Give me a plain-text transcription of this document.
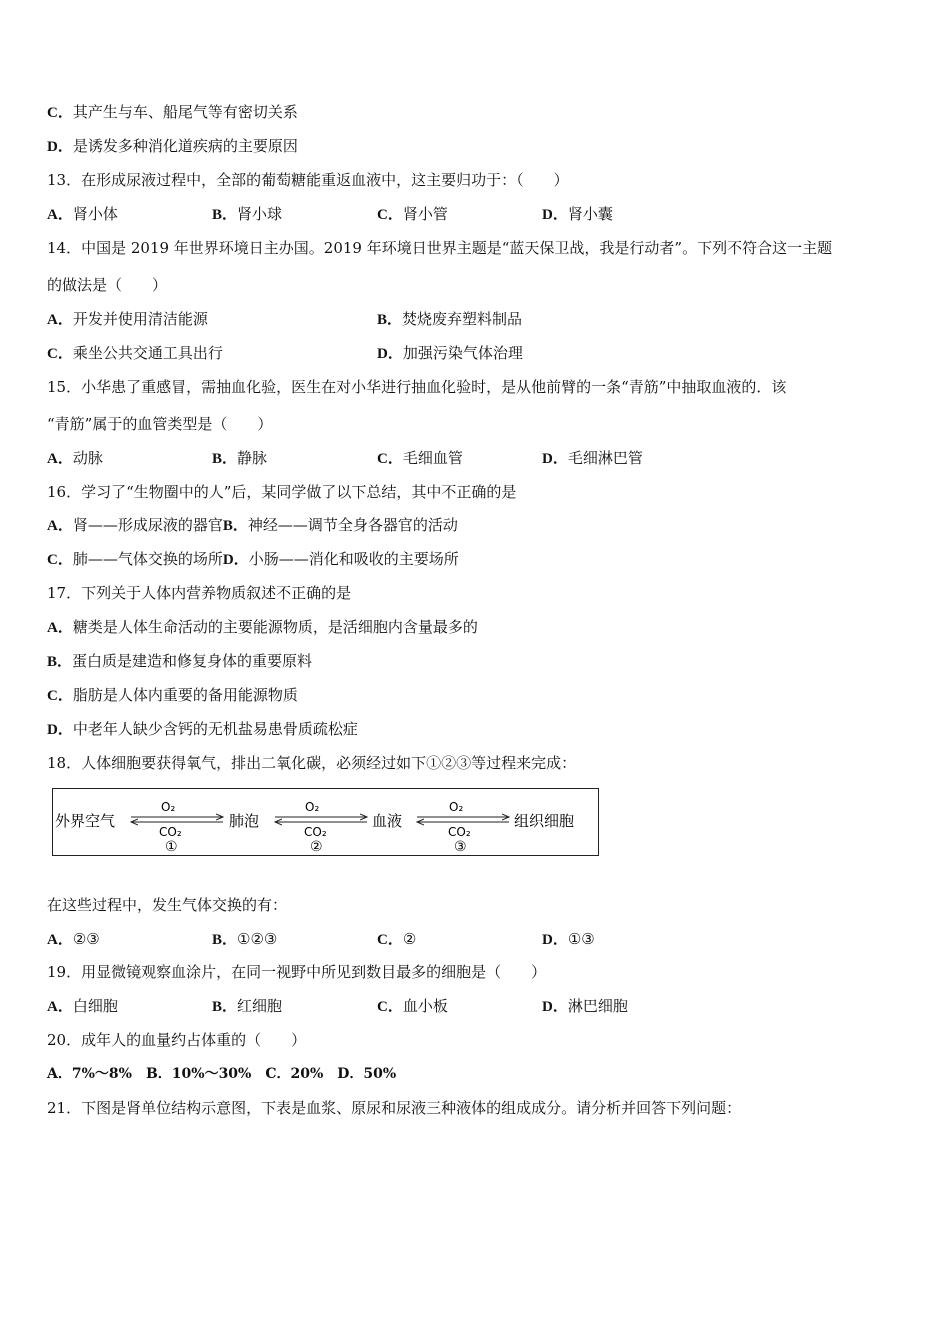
C．其产生与车、船尾气等有密切关系
D．是诱发多种消化道疾病的主要原因
13．在形成尿液过程中，全部的葡萄糖能重返血液中，这主要归功于：（　　）
A．肾小体	B．肾小球	C．肾小管	D．肾小囊
14．中国是 2019 年世界环境日主办国。2019 年环境日世界主题是“蓝天保卫战，我是行动者”。下列不符合这一主题
的做法是（　　）
A．开发并使用清洁能源	B．焚烧废弃塑料制品
C．乘坐公共交通工具出行	D．加强污染气体治理
15．小华患了重感冒，需抽血化验，医生在对小华进行抽血化验时，是从他前臂的一条“青筋”中抽取血液的．该
“青筋”属于的血管类型是（　　）
A．动脉	B．静脉	C．毛细血管	D．毛细淋巴管
16．学习了“生物圈中的人”后，某同学做了以下总结，其中不正确的是
A．肾——形成尿液的器官B．神经——调节全身各器官的活动
C．肺——气体交换的场所D．小肠——消化和吸收的主要场所
17．下列关于人体内营养物质叙述不正确的是
A．糖类是人体生命活动的主要能源物质，是活细胞内含量最多的
B．蛋白质是建造和修复身体的重要原料
C．脂肪是人体内重要的备用能源物质
D．中老年人缺少含钙的无机盐易患骨质疏松症
18．人体细胞要获得氧气，排出二氧化碳，必须经过如下①②③等过程来完成：
外界空气	肺泡	血液	组织细胞
O₂
CO₂
①
O₂
CO₂
②
O₂
CO₂
③
在这些过程中，发生气体交换的有：
A．②③	B．①②③	C．②	D．①③
19．用显微镜观察血涂片，在同一视野中所见到数目最多的细胞是（　　）
A．白细胞	B．红细胞	C．血小板	D．淋巴细胞
20．成年人的血量约占体重的（　　）
A．7%～8%　B．10%～30%　C．20%　D．50%
21．下图是肾单位结构示意图，下表是血浆、原尿和尿液三种液体的组成成分。请分析并回答下列问题：
